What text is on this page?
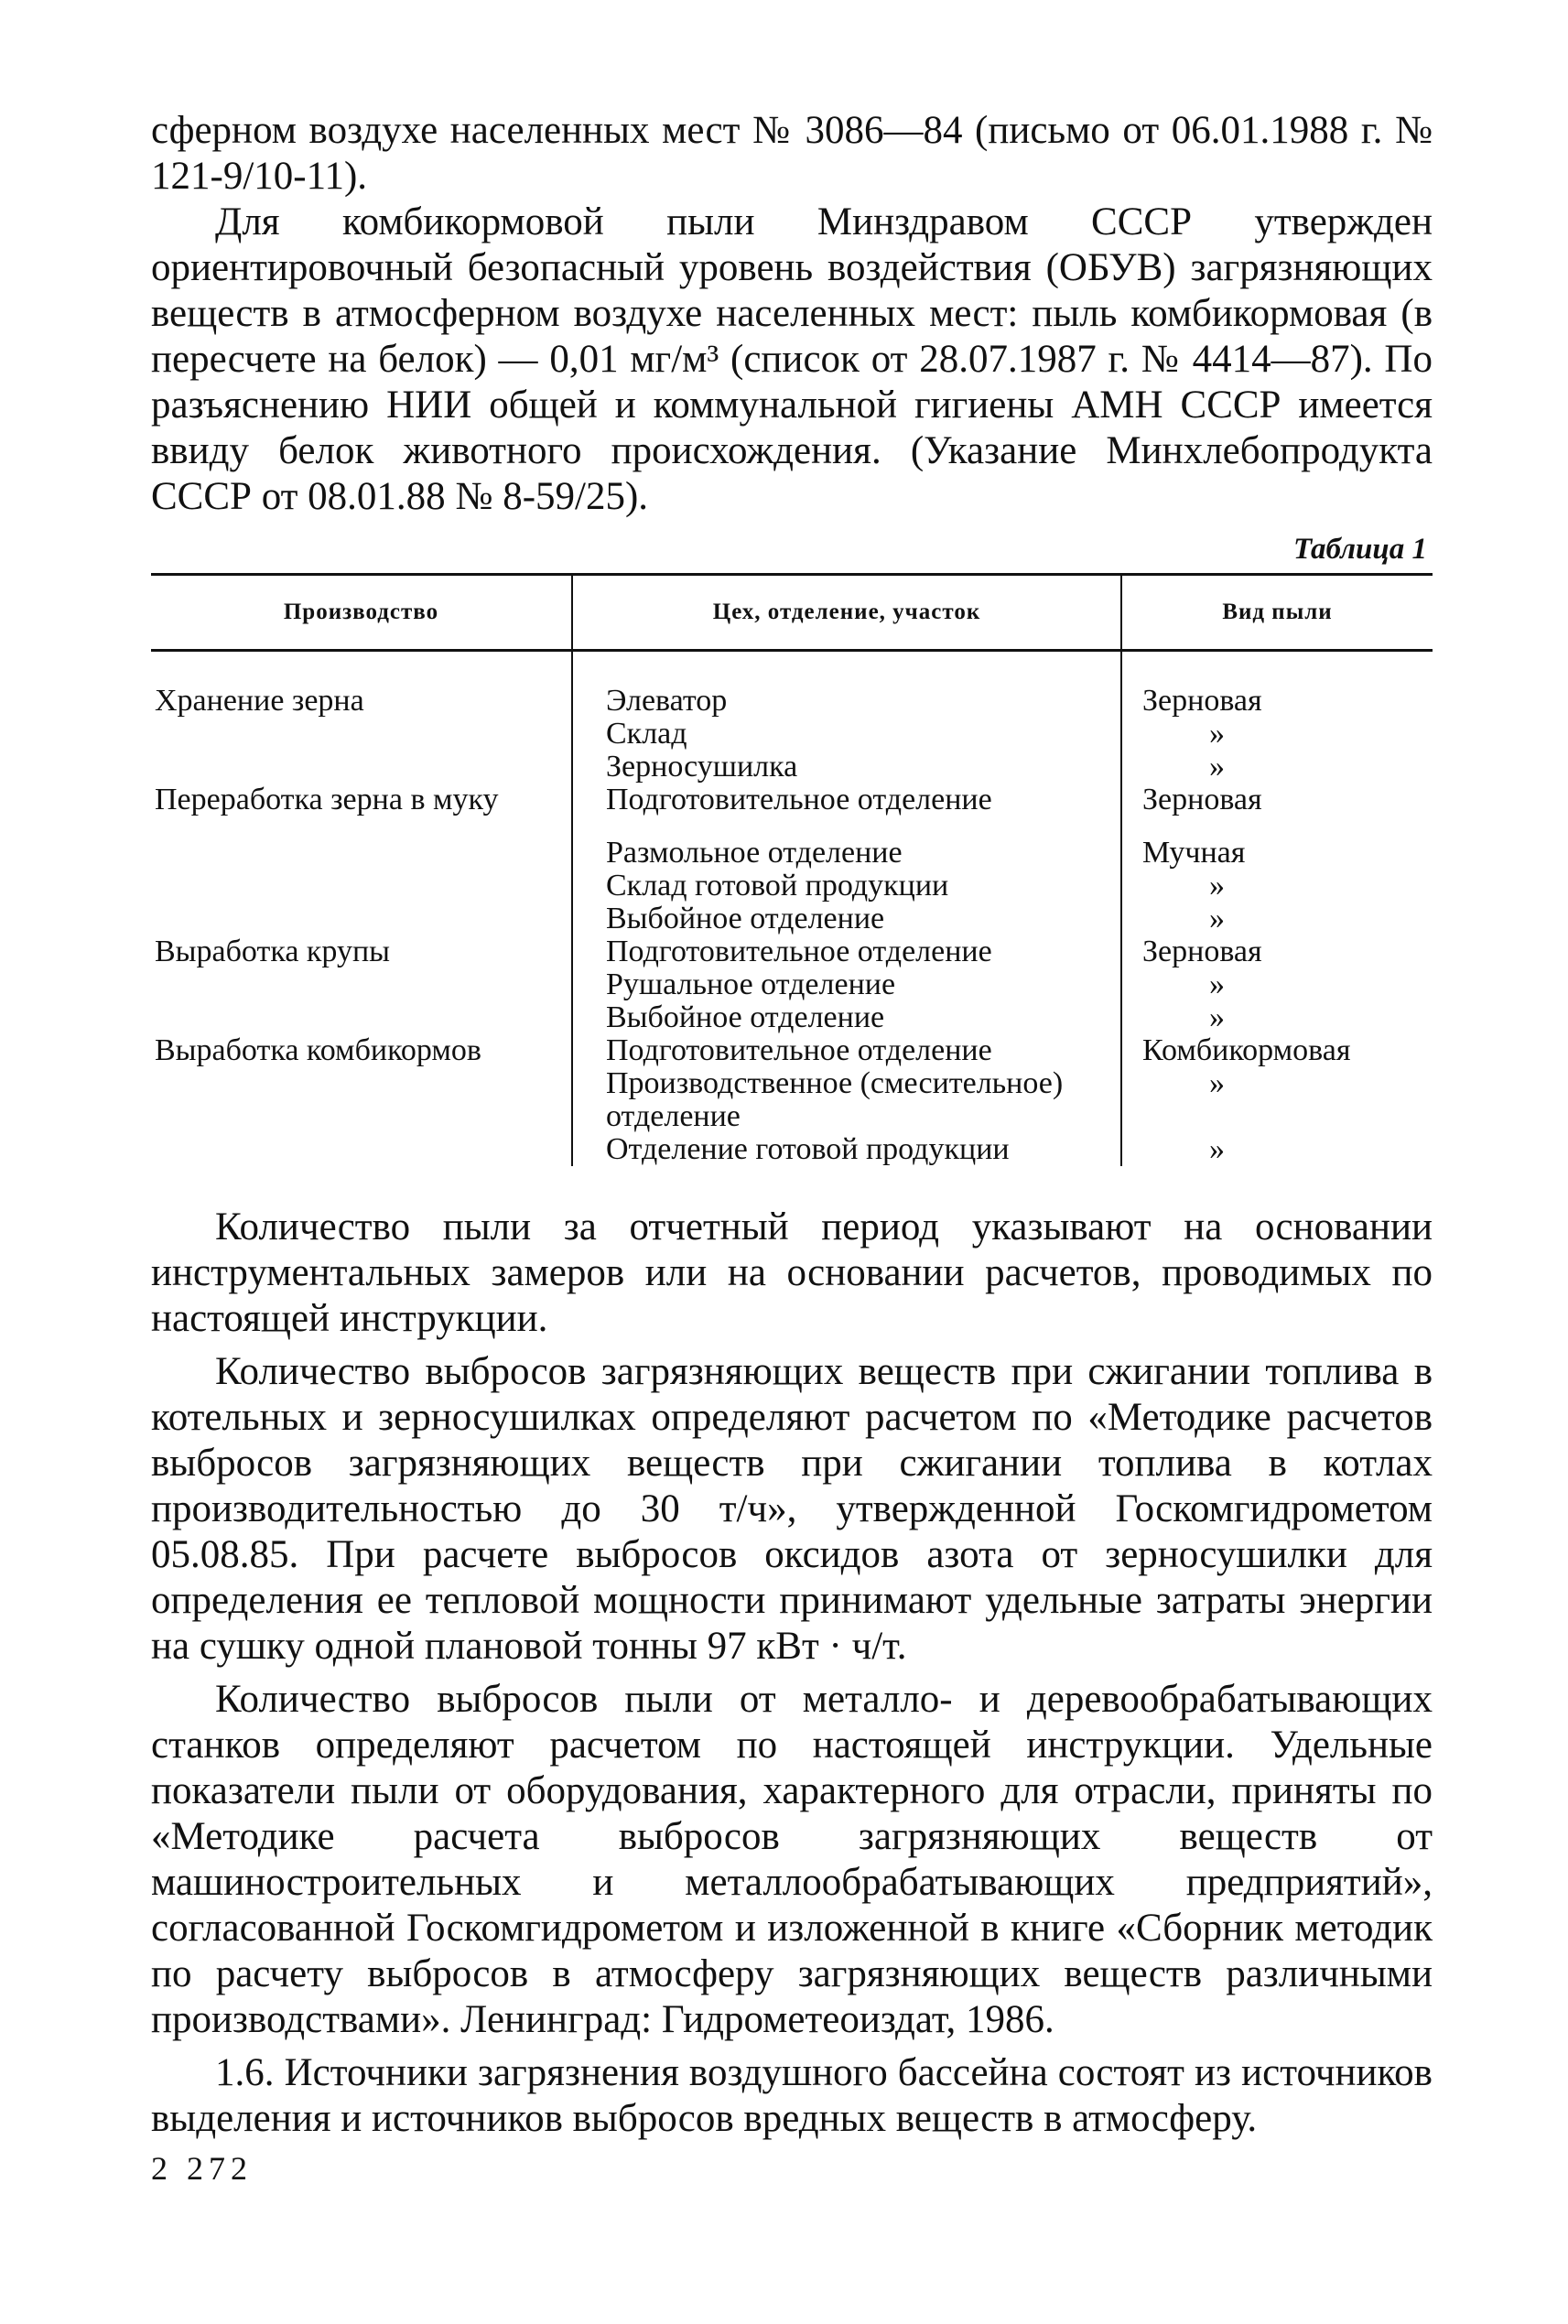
сферном воздухе населенных мест № 3086—84 (письмо от 06.01.1988 г. № 121-9/10-11).

Для комбикормовой пыли Минздравом СССР утвержден ориентировочный безопасный уровень воздействия (ОБУВ) загрязняющих веществ в атмосферном воздухе населенных мест: пыль комбикормовая (в пересчете на белок) — 0,01 мг/м³ (список от 28.07.1987 г. № 4414—87). По разъяснению НИИ общей и коммунальной гигиены АМН СССР имеется ввиду белок животного происхождения. (Указание Минхлебопродукта СССР от 08.01.88 № 8-59/25).

Таблица 1
Производство	Цех, отделение, участок	Вид пыли
Хранение зерна	Элеватор	Зерновая
	Склад	»
	Зерносушилка	»
Переработка зерна в муку	Подготовительное отделение	Зерновая
	Размольное отделение	Мучная
	Склад готовой продукции	»
	Выбойное отделение	»
Выработка крупы	Подготовительное отделение	Зерновая
	Рушальное отделение	»
	Выбойное отделение	»
Выработка комбикормов	Подготовительное отделение	Комбикормовая
	Производственное (смесительное) отделение	»
	Отделение готовой продукции	»

Количество пыли за отчетный период указывают на основании инструментальных замеров или на основании расчетов, проводимых по настоящей инструкции.

Количество выбросов загрязняющих веществ при сжигании топлива в котельных и зерносушилках определяют расчетом по «Методике расчетов выбросов загрязняющих веществ при сжигании топлива в котлах производительностью до 30 т/ч», утвержденной Госкомгидрометом 05.08.85. При расчете выбросов оксидов азота от зерносушилки для определения ее тепловой мощности принимают удельные затраты энергии на сушку одной плановой тонны 97 кВт · ч/т.

Количество выбросов пыли от металло- и деревообрабатывающих станков определяют расчетом по настоящей инструкции. Удельные показатели пыли от оборудования, характерного для отрасли, приняты по «Методике расчета выбросов загрязняющих веществ от машиностроительных и металлообрабатывающих предприятий», согласованной Госкомгидрометом и изложенной в книге «Сборник методик по расчету выбросов в атмосферу загрязняющих веществ различными производствами». Ленинград: Гидрометеоиздат, 1986.

1.6. Источники загрязнения воздушного бассейна состоят из источников выделения и источников выбросов вредных веществ в атмосферу.

2 272
